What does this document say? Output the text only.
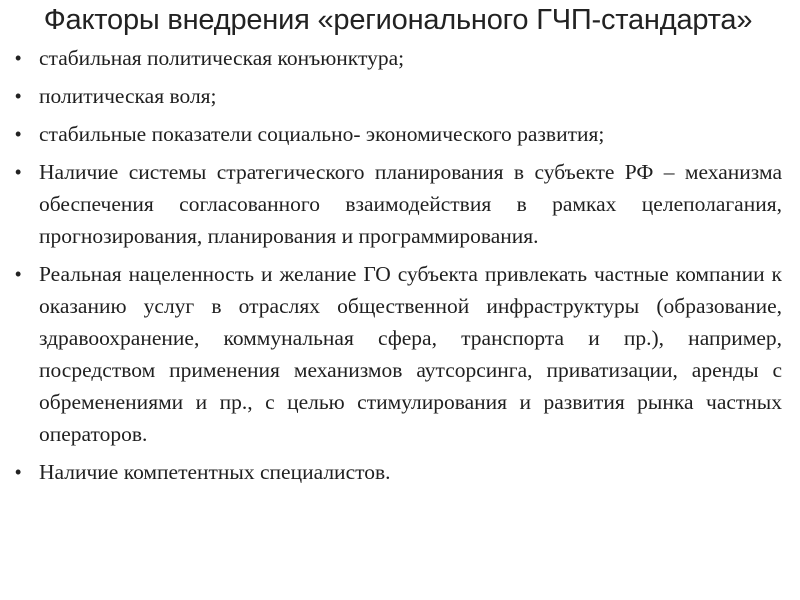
Факторы внедрения «регионального ГЧП-стандарта»
• стабильная политическая конъюнктура;
• политическая воля;
• стабильные показатели социально- экономического развития;
• Наличие системы стратегического планирования в субъекте РФ – механизма обеспечения согласованного взаимодействия в рамках целеполагания, прогнозирования, планирования и программирования.
• Реальная нацеленность и желание ГО субъекта привлекать частные компании к оказанию услуг в отраслях общественной инфраструктуры (образование, здравоохранение, коммунальная сфера, транспорта и пр.), например, посредством применения механизмов аутсорсинга, приватизации, аренды с обременениями и пр., с целью стимулирования и развития рынка частных операторов.
• Наличие компетентных специалистов.
